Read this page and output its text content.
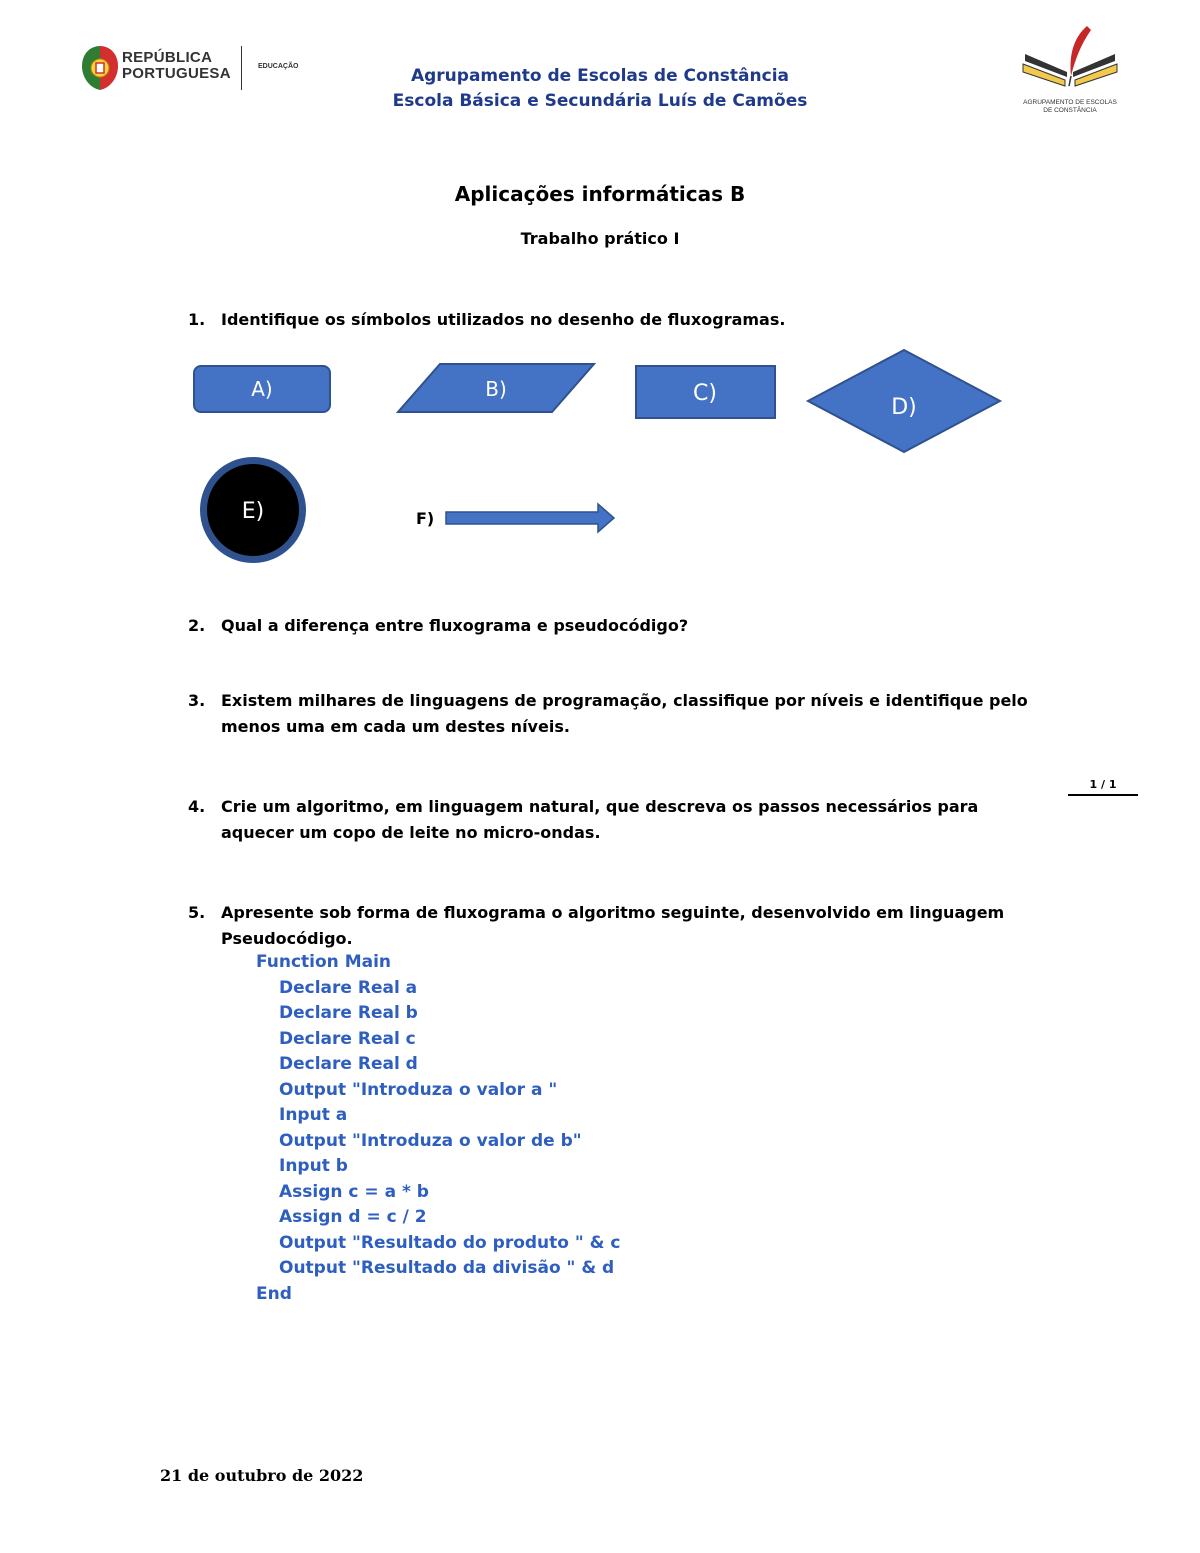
REPÚBLICA
PORTUGUESA	EDUCAÇÃO	Agrupamento de Escolas de Constância
Escola Básica e Secundária Luís de Camões	AGRUPAMENTO DE ESCOLAS
DE CONSTÂNCIA
Aplicações informáticas B
Trabalho prático I
1. Identifique os símbolos utilizados no desenho de fluxogramas.
A)	B)	C)
D)
E)	F)
2. Qual a diferença entre fluxograma e pseudocódigo?
3. Existem milhares de linguagens de programação, classifique por níveis e identifique pelo menos uma em cada um destes níveis.
1 / 1
4. Crie um algoritmo, em linguagem natural, que descreva os passos necessários para aquecer um copo de leite no micro-ondas.
5. Apresente sob forma de fluxograma o algoritmo seguinte, desenvolvido em linguagem Pseudocódigo.
Function Main
Declare Real a
Declare Real b
Declare Real c
Declare Real d
Output "Introduza o valor a "
Input a
Output "Introduza o valor de b"
Input b
Assign c = a * b
Assign d = c / 2
Output "Resultado do produto " & c
Output "Resultado da divisão " & d
End
21 de outubro de 2022
